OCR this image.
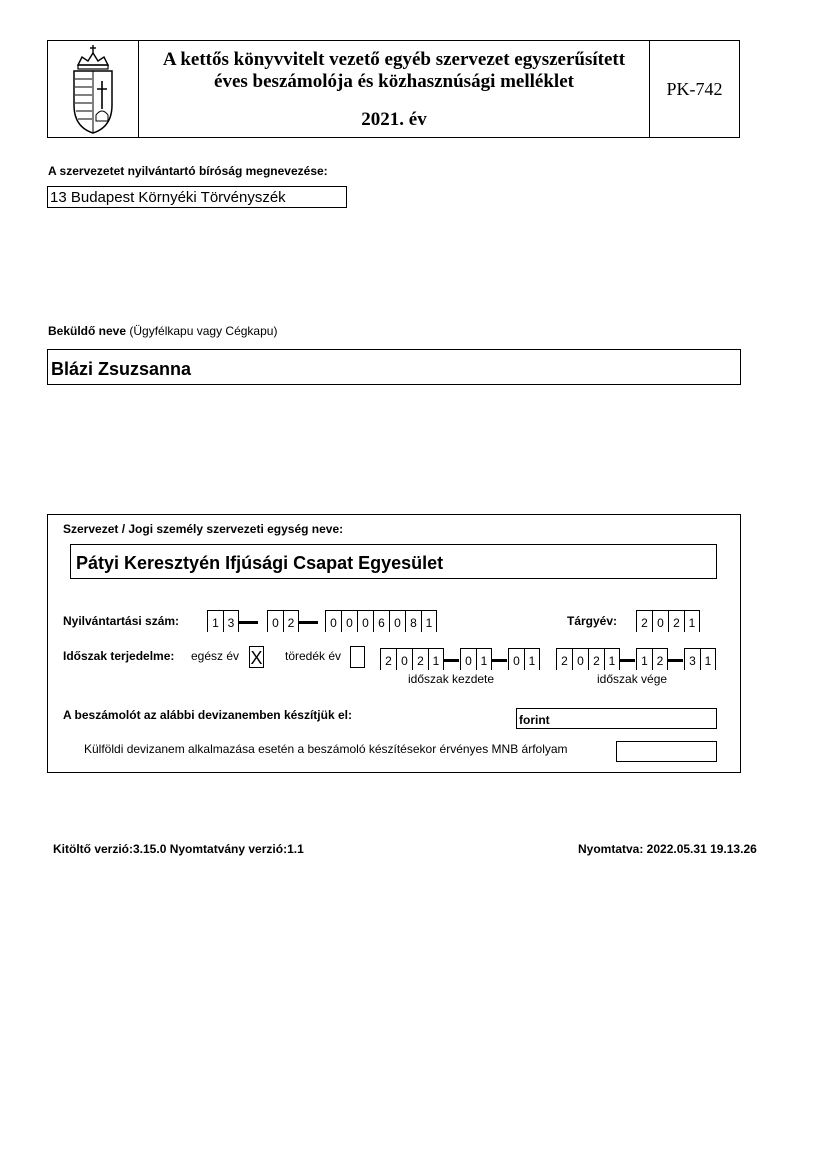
A kettős könyvvitelt vezető egyéb szervezet egyszerűsített
éves beszámolója és közhasznúsági melléklet
2021. év
PK-742
A szervezetet nyilvántartó bíróság megnevezése:
13 Budapest Környéki Törvényszék
Beküldő neve (Ügyfélkapu vagy Cégkapu)
Blázi Zsuzsanna
Szervezet / Jogi személy szervezeti egység neve:
Pátyi Keresztyén Ifjúsági Csapat Egyesület
Nyilvántartási szám:	1 3	0 2	0 0 0 6 0 8 1	Tárgyév:	2 0 2 1
Időszak terjedelme: egész év X töredék év	2 0 2 1	0 1	0 1
időszak kezdete
2 0 2 1	1 2	3 1
időszak vége
A beszámolót az alábbi devizanemben készítjük el:	forint
Külföldi devizanem alkalmazása esetén a beszámoló készítésekor érvényes MNB árfolyam
Kitöltő verzió:3.15.0 Nyomtatvány verzió:1.1	Nyomtatva: 2022.05.31 19.13.26
